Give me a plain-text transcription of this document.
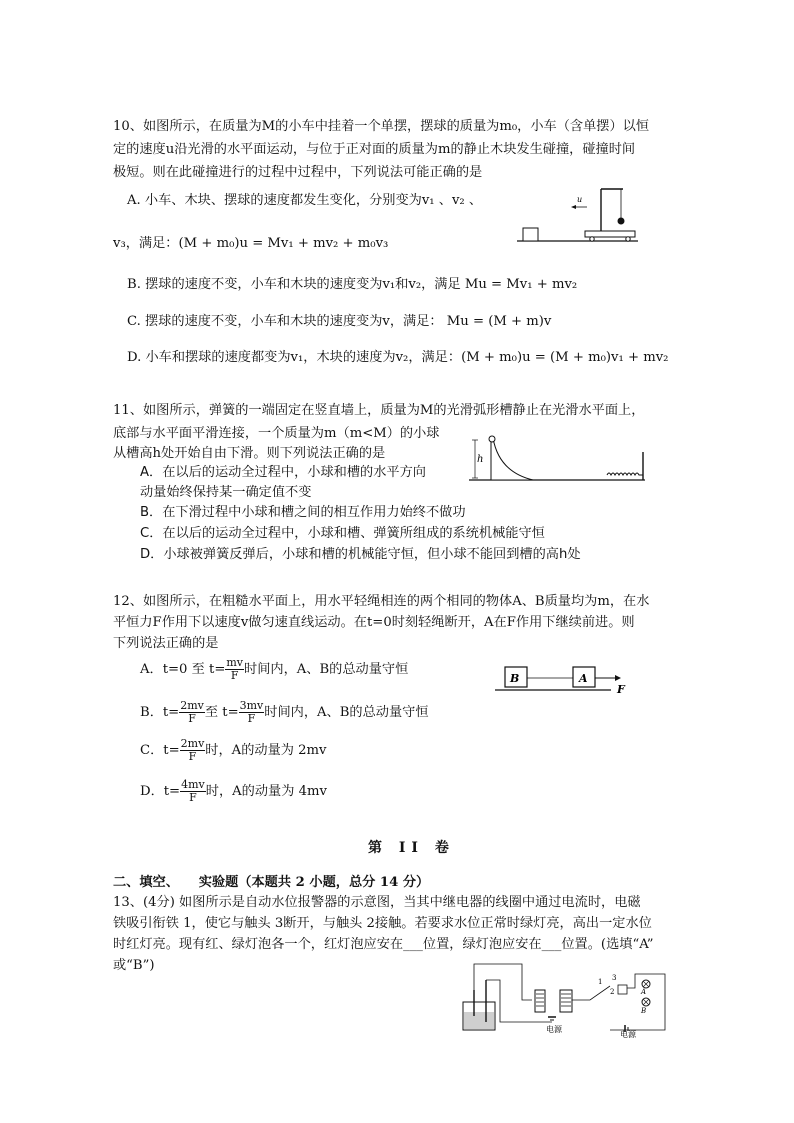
10、如图所示，在质量为M的小车中挂着一个单摆，摆球的质量为m₀，小车（含单摆）以恒
定的速度u沿光滑的水平面运动，与位于正对面的质量为m的静止木块发生碰撞，碰撞时间
极短。则在此碰撞进行的过程中过程中，下列说法可能正确的是
A. 小车、木块、摆球的速度都发生变化，分别变为v₁ 、v₂ 、
v₃，满足：(M + m₀)u = Mv₁ + mv₂ + m₀v₃
B. 摆球的速度不变，小车和木块的速度变为v₁和v₂，满足 Mu = Mv₁ + mv₂
C. 摆球的速度不变，小车和木块的速度变为v，满足： Mu = (M + m)v
D. 小车和摆球的速度都变为v₁，木块的速度为v₂，满足：(M + m₀)u = (M + m₀)v₁ + mv₂
u
11、如图所示，弹簧的一端固定在竖直墙上，质量为M的光滑弧形槽静止在光滑水平面上，
底部与水平面平滑连接，一个质量为m（m<M）的小球
从槽高h处开始自由下滑。则下列说法正确的是
A．在以后的运动全过程中，小球和槽的水平方向
动量始终保持某一确定值不变
B．在下滑过程中小球和槽之间的相互作用力始终不做功
C．在以后的运动全过程中，小球和槽、弹簧所组成的系统机械能守恒
D．小球被弹簧反弹后，小球和槽的机械能守恒，但小球不能回到槽的高h处
h
12、如图所示，在粗糙水平面上，用水平轻绳相连的两个相同的物体A、B质量均为m，在水
平恒力F作用下以速度v做匀速直线运动。在t=0时刻轻绳断开，A在F作用下继续前进。则
下列说法正确的是
A．t=0 至 $t= \frac{mv}{F}$ 时间内，A、B的总动量守恒
B．$t= \frac{2mv}{F}$ 至 $t= \frac{3mv}{F}$ 时间内，A、B的总动量守恒
C．$t= \frac{2mv}{F}$ 时，A的动量为 2mv
D．$t= \frac{4mv}{F}$ 时，A的动量为 4mv
B	A
F
第 II 卷
二、填空、　　实验题（本题共 2 小题，总分 14 分）
13、(4分) 如图所示是自动水位报警器的示意图，当其中继电器的线圈中通过电流时，电磁
铁吸引衔铁 1，使它与触头 3断开，与触头 2接触。若要求水位正常时绿灯亮，高出一定水位
时红灯亮。现有红、绿灯泡各一个，红灯泡应安在___位置，绿灯泡应安在___位置。(选填“A”
或“B”)
电源
1
2
3
A
B
电源
